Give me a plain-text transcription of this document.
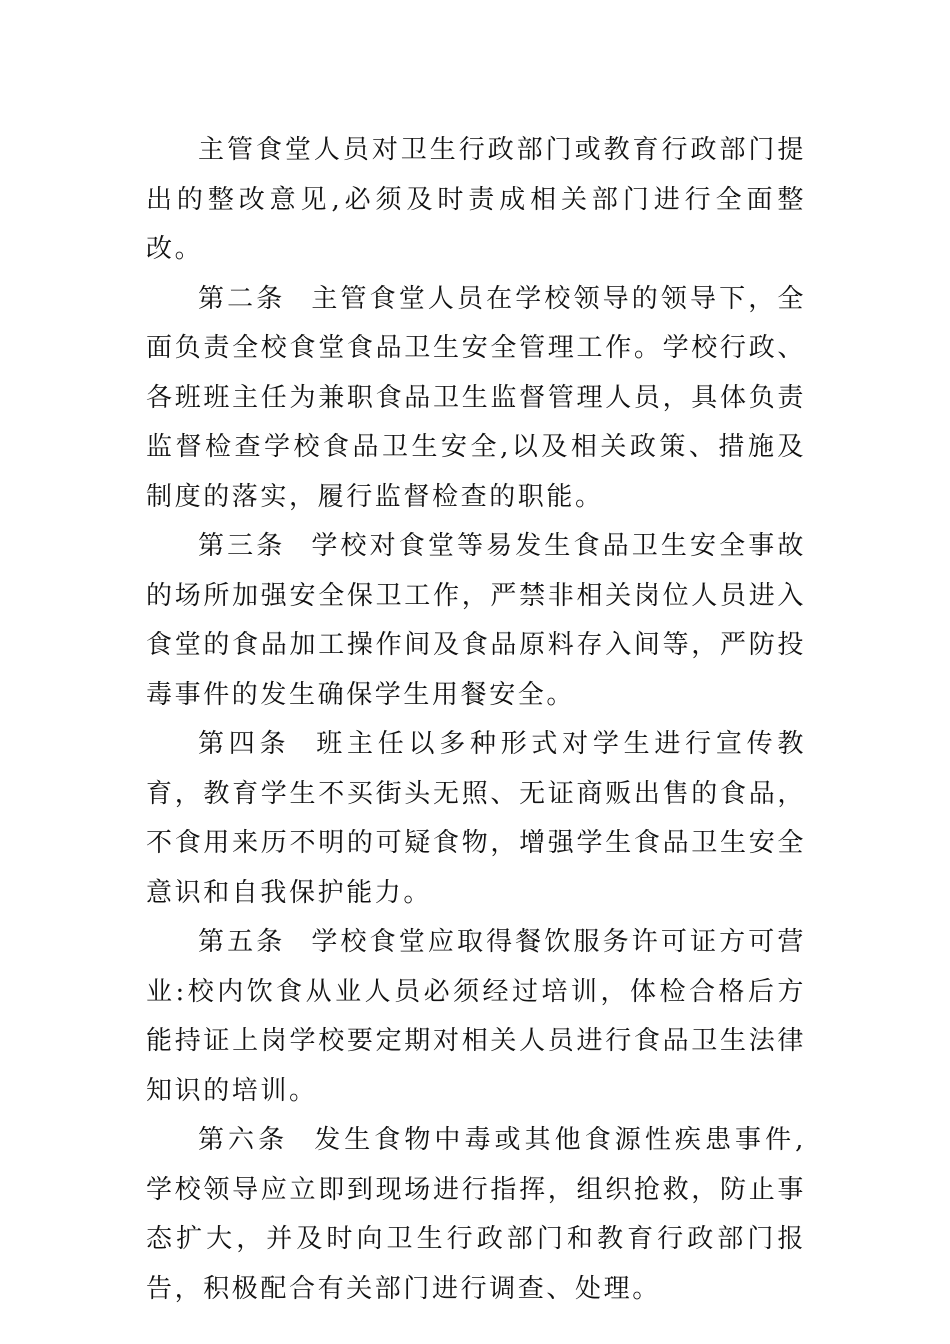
主管食堂人员对卫生行政部门或教育行政部门提出的整改意见,必须及时责成相关部门进行全面整改。

第二条 主管食堂人员在学校领导的领导下，全面负责全校食堂食品卫生安全管理工作。学校行政、各班班主任为兼职食品卫生监督管理人员，具体负责监督检查学校食品卫生安全,以及相关政策、措施及制度的落实，履行监督检查的职能。

第三条 学校对食堂等易发生食品卫生安全事故的场所加强安全保卫工作，严禁非相关岗位人员进入食堂的食品加工操作间及食品原料存入间等，严防投毒事件的发生确保学生用餐安全。

第四条 班主任以多种形式对学生进行宣传教育，教育学生不买街头无照、无证商贩出售的食品，不食用来历不明的可疑食物，增强学生食品卫生安全意识和自我保护能力。

第五条 学校食堂应取得餐饮服务许可证方可营业:校内饮食从业人员必须经过培训，体检合格后方能持证上岗学校要定期对相关人员进行食品卫生法律知识的培训。

第六条 发生食物中毒或其他食源性疾患事件,学校领导应立即到现场进行指挥，组织抢救，防止事态扩大，并及时向卫生行政部门和教育行政部门报告，积极配合有关部门进行调查、处理。
